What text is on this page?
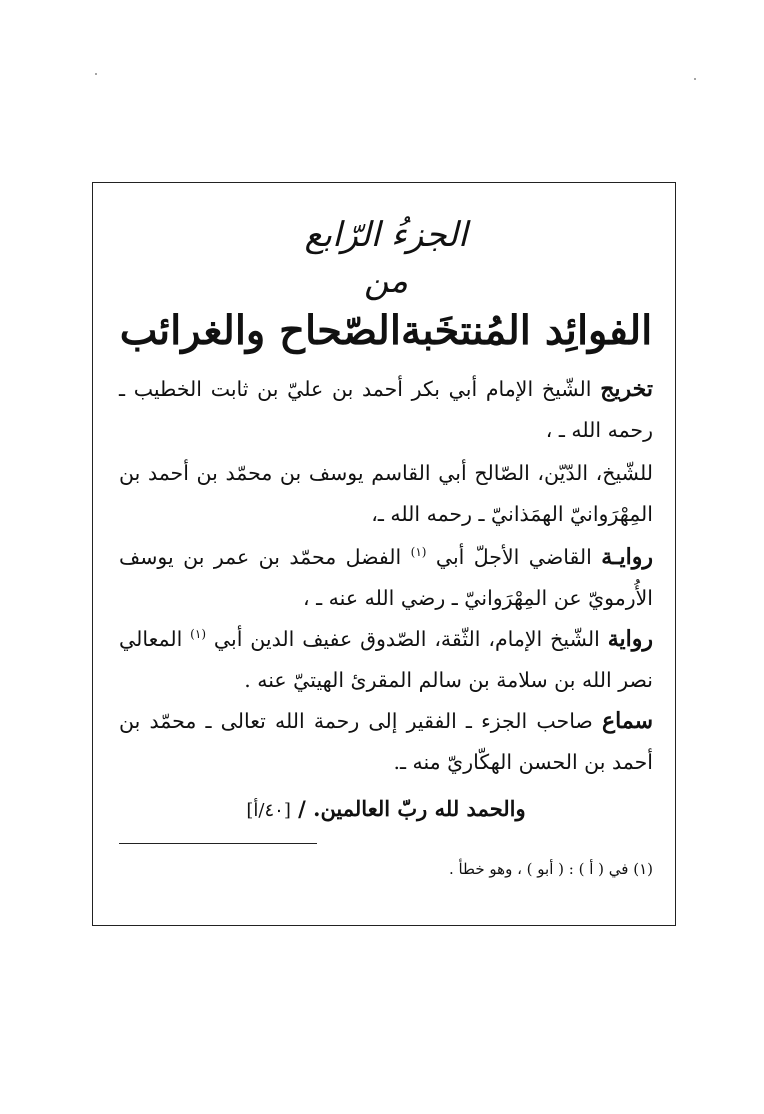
الجزءُ الرّابع
من
الفوائِد المُنتخَبةالصّحاح والغرائب
تخريج الشّيخ الإمام أبي بكر أحمد بن عليّ بن ثابت الخطيب ـ رحمه الله ـ ،
للشّيخ، الدّيّن، الصّالح أبي القاسم يوسف بن محمّد بن أحمد بن المِهْرَوانيّ الهمَذانيّ ـ رحمه الله ـ،
روايـة القاضي الأجلّ أبي $^{(١)}$ الفضل محمّد بن عمر بن يوسف الأُرمويّ عن المِهْرَوانيّ ـ رضي الله عنه ـ ،
رواية الشّيخ الإمام، الثّقة، الصّدوق عفيف الدين أبي $^{(١)}$ المعالي نصر الله بن سلامة بن سالم المقرئ الهيتيّ عنه .
سماع صاحب الجزء ـ الفقير إلى رحمة الله تعالى ـ محمّد بن أحمد بن الحسن الهكّاريّ منه ـ.
والحمد لله ربّ العالمين. / [٤٠/أ]
(١) في ( أ ) : ( أبو ) ، وهو خطأ .
